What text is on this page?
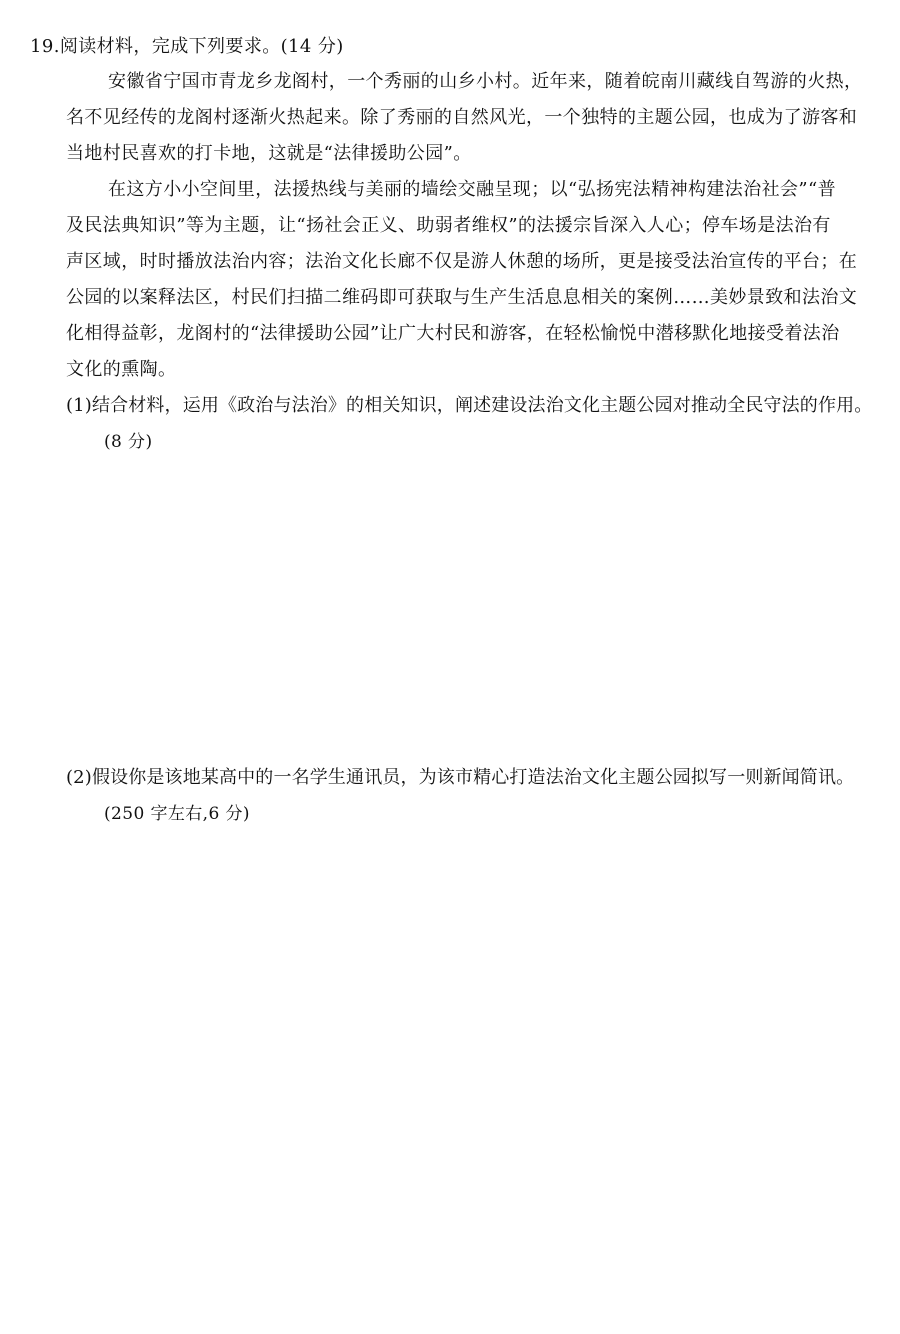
19.阅读材料，完成下列要求。(14 分)
安徽省宁国市青龙乡龙阁村，一个秀丽的山乡小村。近年来，随着皖南川藏线自驾游的火热，
名不见经传的龙阁村逐渐火热起来。除了秀丽的自然风光，一个独特的主题公园，也成为了游客和
当地村民喜欢的打卡地，这就是“法律援助公园”。
在这方小小空间里，法援热线与美丽的墙绘交融呈现；以“弘扬宪法精神构建法治社会”“普
及民法典知识”等为主题，让“扬社会正义、助弱者维权”的法援宗旨深入人心；停车场是法治有
声区域，时时播放法治内容；法治文化长廊不仅是游人休憩的场所，更是接受法治宣传的平台；在
公园的以案释法区，村民们扫描二维码即可获取与生产生活息息相关的案例……美妙景致和法治文
化相得益彰，龙阁村的“法律援助公园”让广大村民和游客，在轻松愉悦中潜移默化地接受着法治
文化的熏陶。
(1)结合材料，运用《政治与法治》的相关知识，阐述建设法治文化主题公园对推动全民守法的作用。
(8 分)
(2)假设你是该地某高中的一名学生通讯员，为该市精心打造法治文化主题公园拟写一则新闻简讯。
(250 字左右,6 分)
